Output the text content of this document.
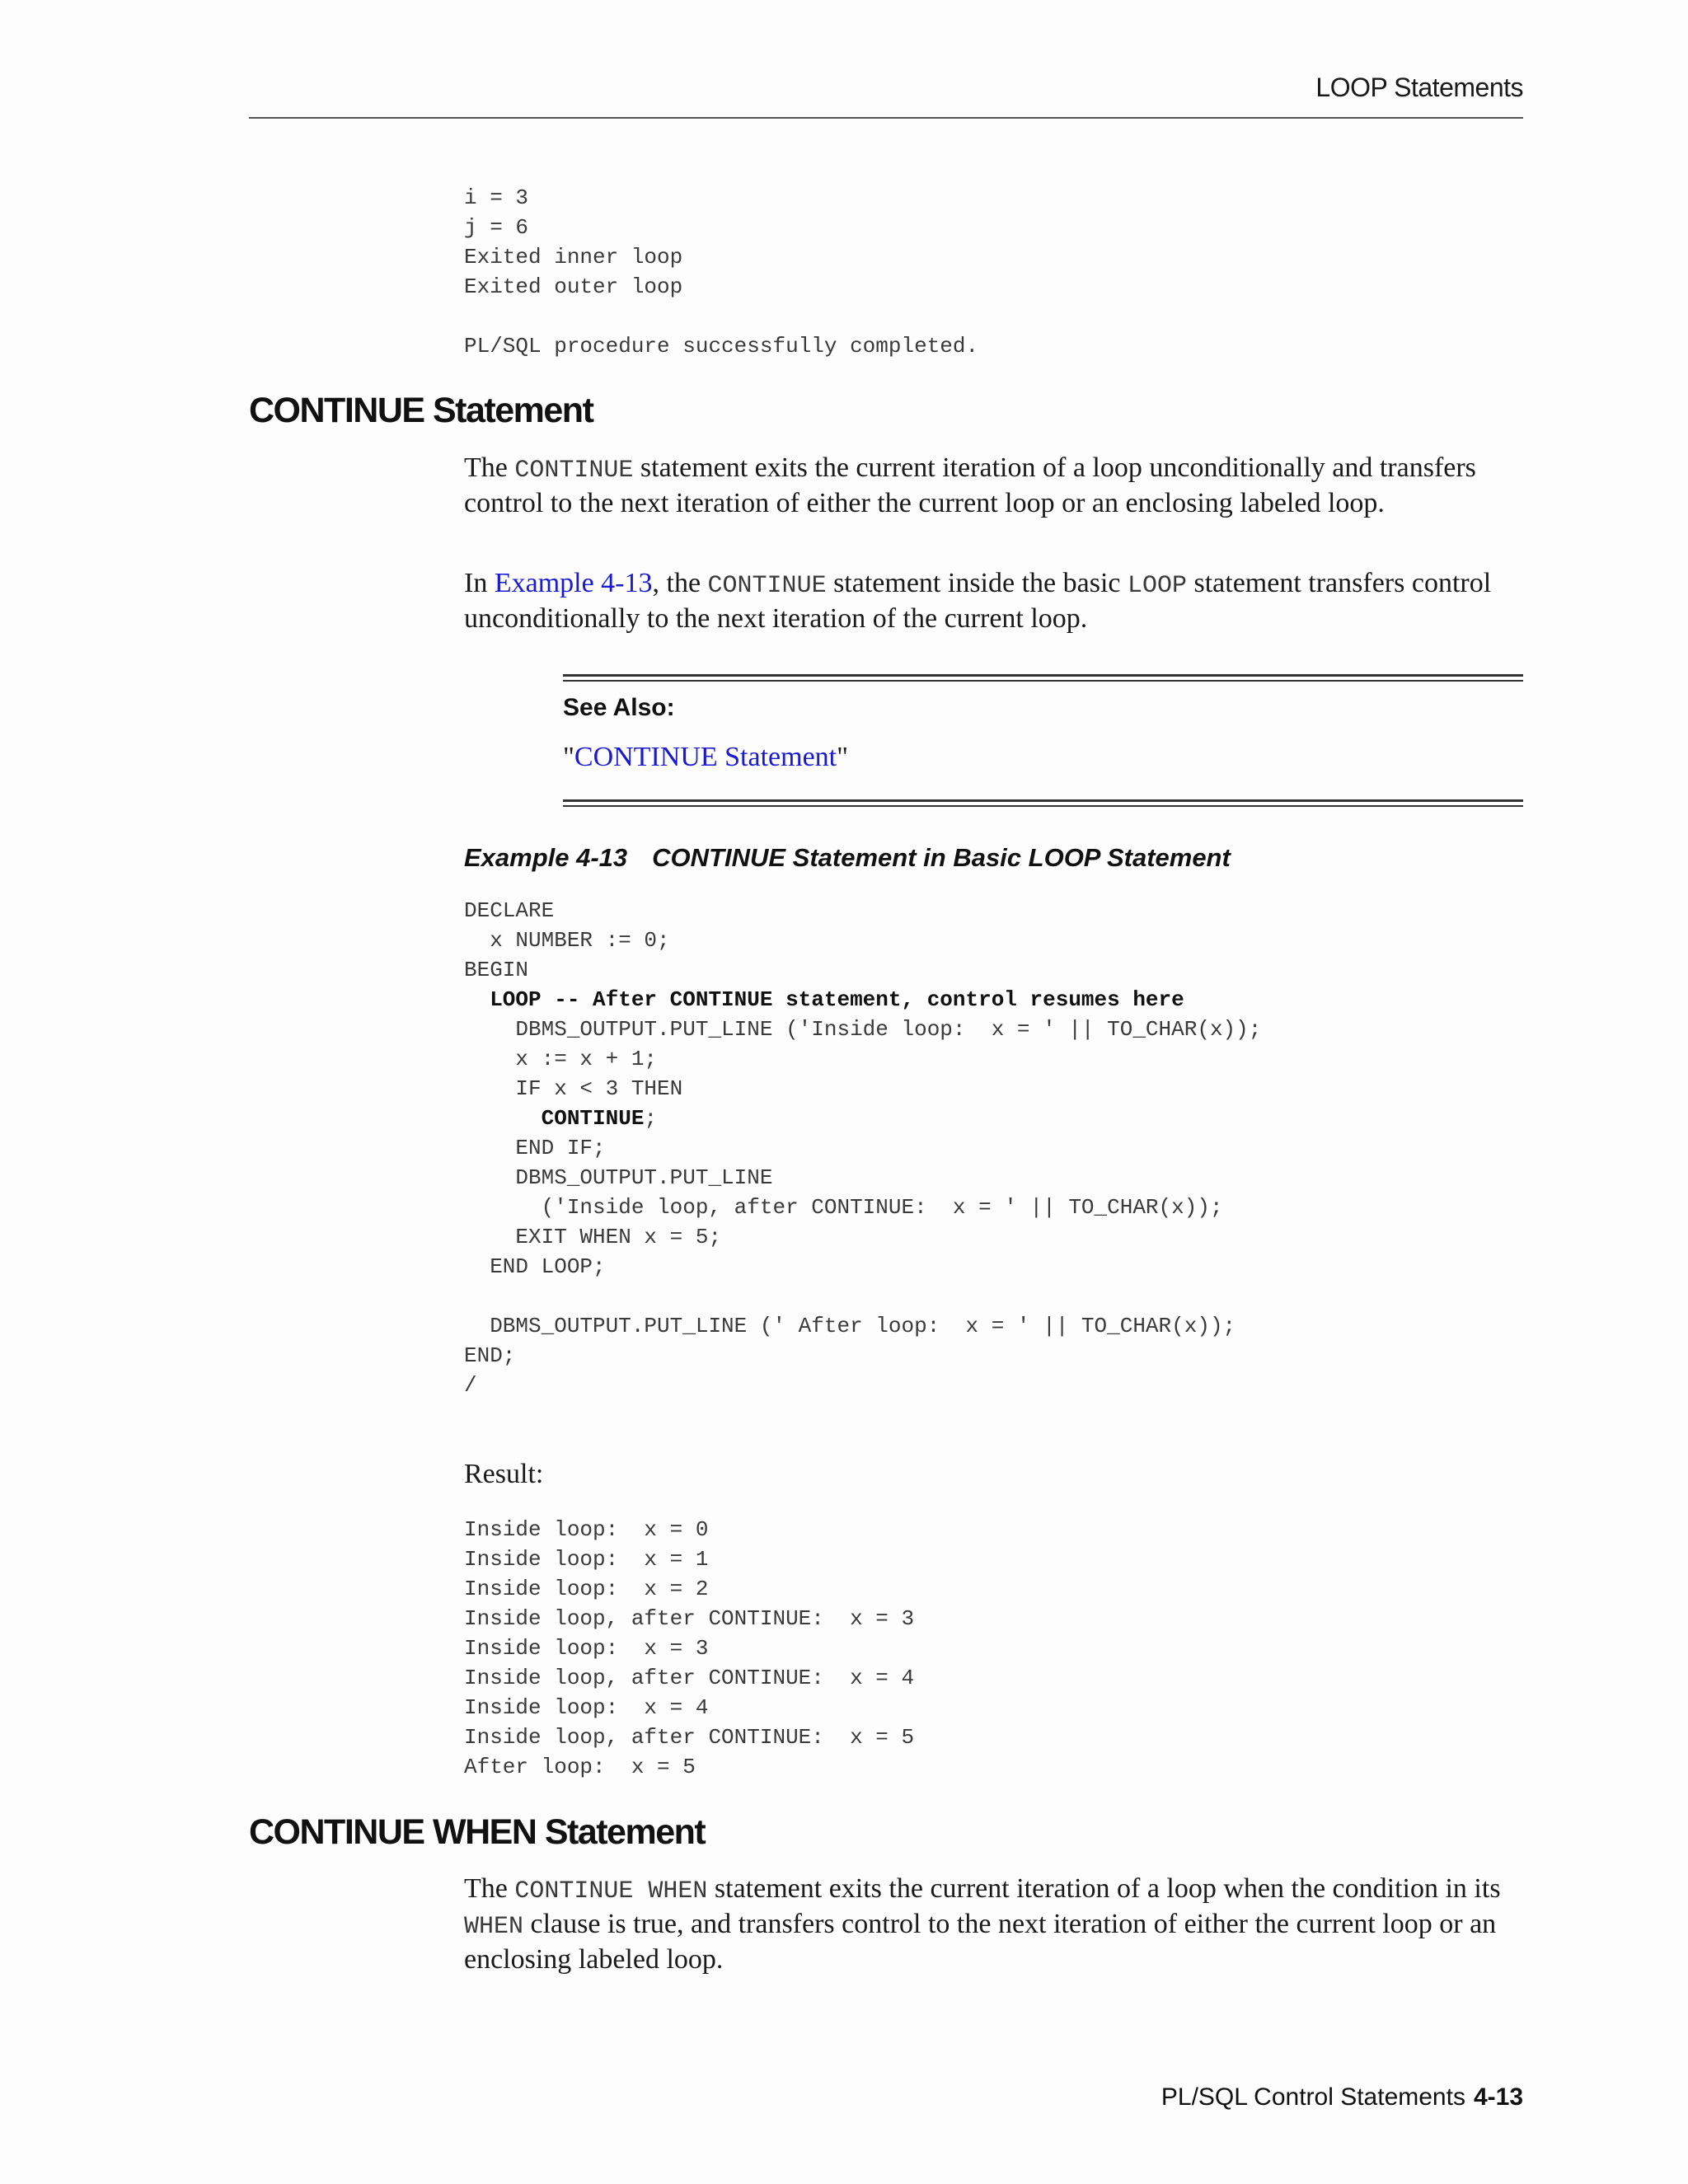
LOOP Statements
i = 3
j = 6
Exited inner loop
Exited outer loop

PL/SQL procedure successfully completed.
CONTINUE Statement

The CONTINUE statement exits the current iteration of a loop unconditionally and transfers control to the next iteration of either the current loop or an enclosing labeled loop.

In Example 4-13, the CONTINUE statement inside the basic LOOP statement transfers control unconditionally to the next iteration of the current loop.

See Also:
"CONTINUE Statement"
Example 4-13 CONTINUE Statement in Basic LOOP Statement
DECLARE
x NUMBER := 0;
BEGIN
LOOP -- After CONTINUE statement, control resumes here
DBMS_OUTPUT.PUT_LINE ('Inside loop:  x = ' || TO_CHAR(x));
x := x + 1;
IF x < 3 THEN
CONTINUE;
END IF;
DBMS_OUTPUT.PUT_LINE
('Inside loop, after CONTINUE:  x = ' || TO_CHAR(x));
EXIT WHEN x = 5;
END LOOP;

DBMS_OUTPUT.PUT_LINE (' After loop:  x = ' || TO_CHAR(x));
END;
/
Result:
Inside loop:  x = 0
Inside loop:  x = 1
Inside loop:  x = 2
Inside loop, after CONTINUE:  x = 3
Inside loop:  x = 3
Inside loop, after CONTINUE:  x = 4
Inside loop:  x = 4
Inside loop, after CONTINUE:  x = 5
After loop:  x = 5
CONTINUE WHEN Statement

The CONTINUE WHEN statement exits the current iteration of a loop when the condition in its WHEN clause is true, and transfers control to the next iteration of either the current loop or an enclosing labeled loop.

PL/SQL Control Statements 4-13
